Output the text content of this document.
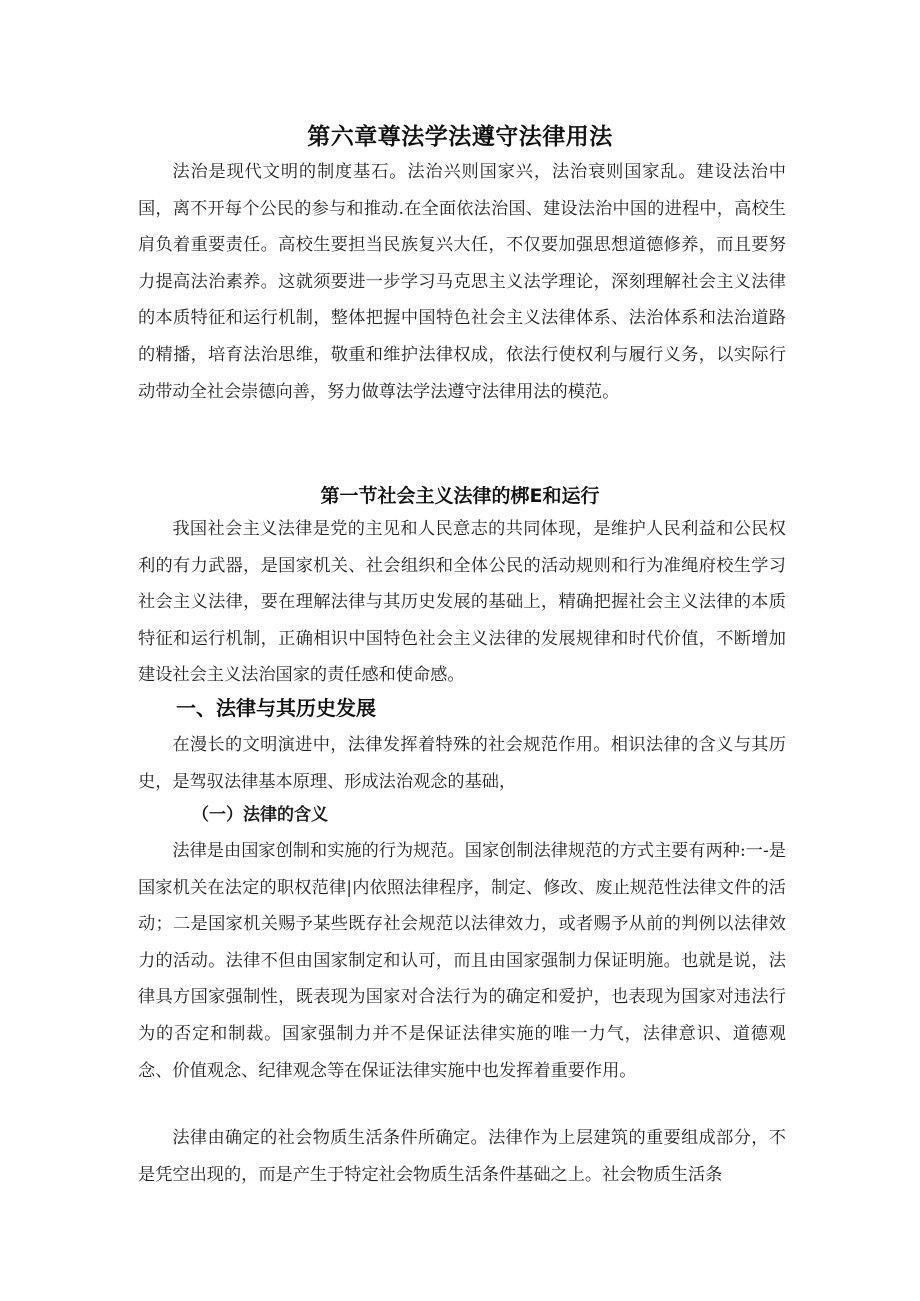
第六章尊法学法遵守法律用法

法治是现代文明的制度基石。法治兴则国家兴，法治衰则国家乱。建设法治中国，离不开每个公民的参与和推动.在全面依法治国、建设法治中国的进程中，高校生肩负着重要责任。高校生要担当民族复兴大任，不仅要加强思想道德修养，而且要努力提高法治素养。这就须要进一步学习马克思主义法学理论，深刻理解社会主义法律的本质特征和运行机制，整体把握中国特色社会主义法律体系、法治体系和法治道路的精播，培育法治思维，敬重和维护法律权成，依法行使权利与履行义务，以实际行动带动全社会崇德向善，努力做尊法学法遵守法律用法的模范。

第一节社会主义法律的梆E和运行

我国社会主义法律是党的主见和人民意志的共同体现，是维护人民利益和公民权利的有力武器，是国家机关、社会组织和全体公民的活动规则和行为准绳府校生学习社会主义法律，要在理解法律与其历史发展的基础上，精确把握社会主义法律的本质特征和运行机制，正确相识中国特色社会主义法律的发展规律和时代价值，不断增加建设社会主义法治国家的责任感和使命感。

一、法律与其历史发展

在漫长的文明演进中，法律发挥着特殊的社会规范作用。相识法律的含义与其历史，是驾驭法律基本原理、形成法治观念的基础，

（一）法律的含义

法律是由国家创制和实施的行为规范。国家创制法律规范的方式主要有两种:一-是国家机关在法定的职权范律|内依照法律程序，制定、修改、废止规范性法律文件的活动；二是国家机关赐予某些既存社会规范以法律效力，或者赐予从前的判例以法律效力的活动。法律不但由国家制定和认可，而且由国家强制力保证明施。也就是说，法律具方国家强制性，既表现为国家对合法行为的确定和爱护，也表现为国家对违法行为的否定和制裁。国家强制力并不是保证法律实施的唯一力气，法律意识、道德观念、价值观念、纪律观念等在保证法律实施中也发挥着重要作用。

法律由确定的社会物质生活条件所确定。法律作为上层建筑的重要组成部分，不是凭空出现的，而是产生于特定社会物质生活条件基础之上。社会物质生活条
